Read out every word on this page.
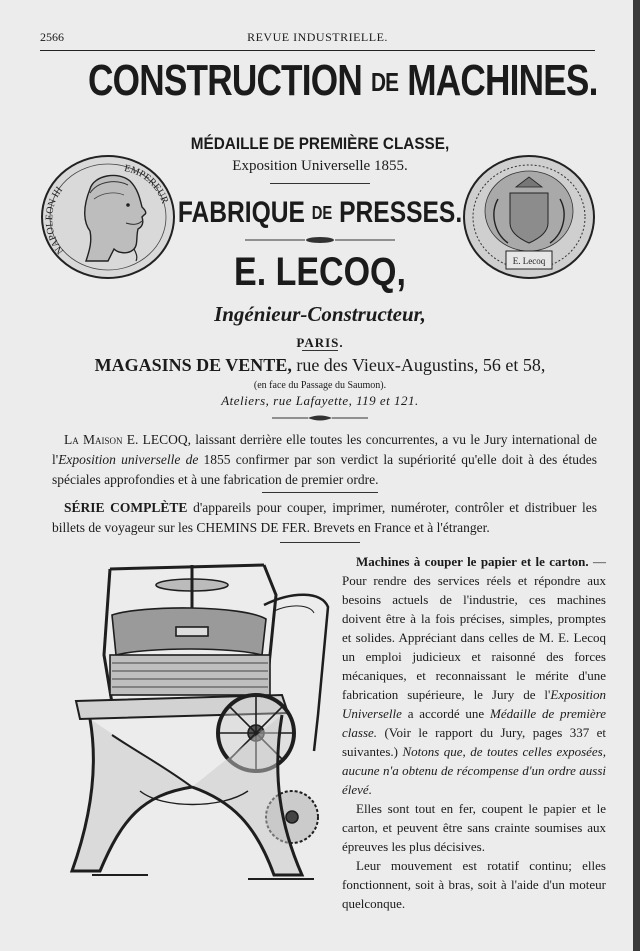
2566	REVUE INDUSTRIELLE.
CONSTRUCTION DE MACHINES.
MÉDAILLE DE PREMIÈRE CLASSE,
Exposition Universelle 1855.
NAPOLEON III
EMPEREUR
E. Lecoq
FABRIQUE DE PRESSES.
E. LECOQ,
Ingénieur-Constructeur,
PARIS.
MAGASINS DE VENTE, rue des Vieux-Augustins, 56 et 58,
(en face du Passage du Saumon).
Ateliers, rue Lafayette, 119 et 121.
La Maison E. LECOQ, laissant derrière elle toutes les concurrentes, a vu le Jury international de l'Exposition universelle de 1855 confirmer par son verdict la supériorité qu'elle doit à des études spéciales approfondies et à une fabrication de premier ordre.
SÉRIE COMPLÈTE d'appareils pour couper, imprimer, numéroter, contrôler et distribuer les billets de voyageur sur les CHEMINS DE FER. Brevets en France et à l'étranger.

Machines à couper le papier et le carton. — Pour rendre des services réels et répondre aux besoins actuels de l'industrie, ces machines doivent être à la fois précises, simples, promptes et solides. Appréciant dans celles de M. E. Lecoq un emploi judicieux et raisonné des forces mécaniques, et reconnaissant le mérite d'une fabrication supérieure, le Jury de l'Exposition Universelle a accordé une Médaille de première classe. (Voir le rapport du Jury, pages 337 et suivantes.) Notons que, de toutes celles exposées, aucune n'a obtenu de récompense d'un ordre aussi élevé.

Elles sont tout en fer, coupent le papier et le carton, et peuvent être sans crainte soumises aux épreuves les plus décisives.

Leur mouvement est rotatif continu; elles fonctionnent, soit à bras, soit à l'aide d'un moteur quelconque.
